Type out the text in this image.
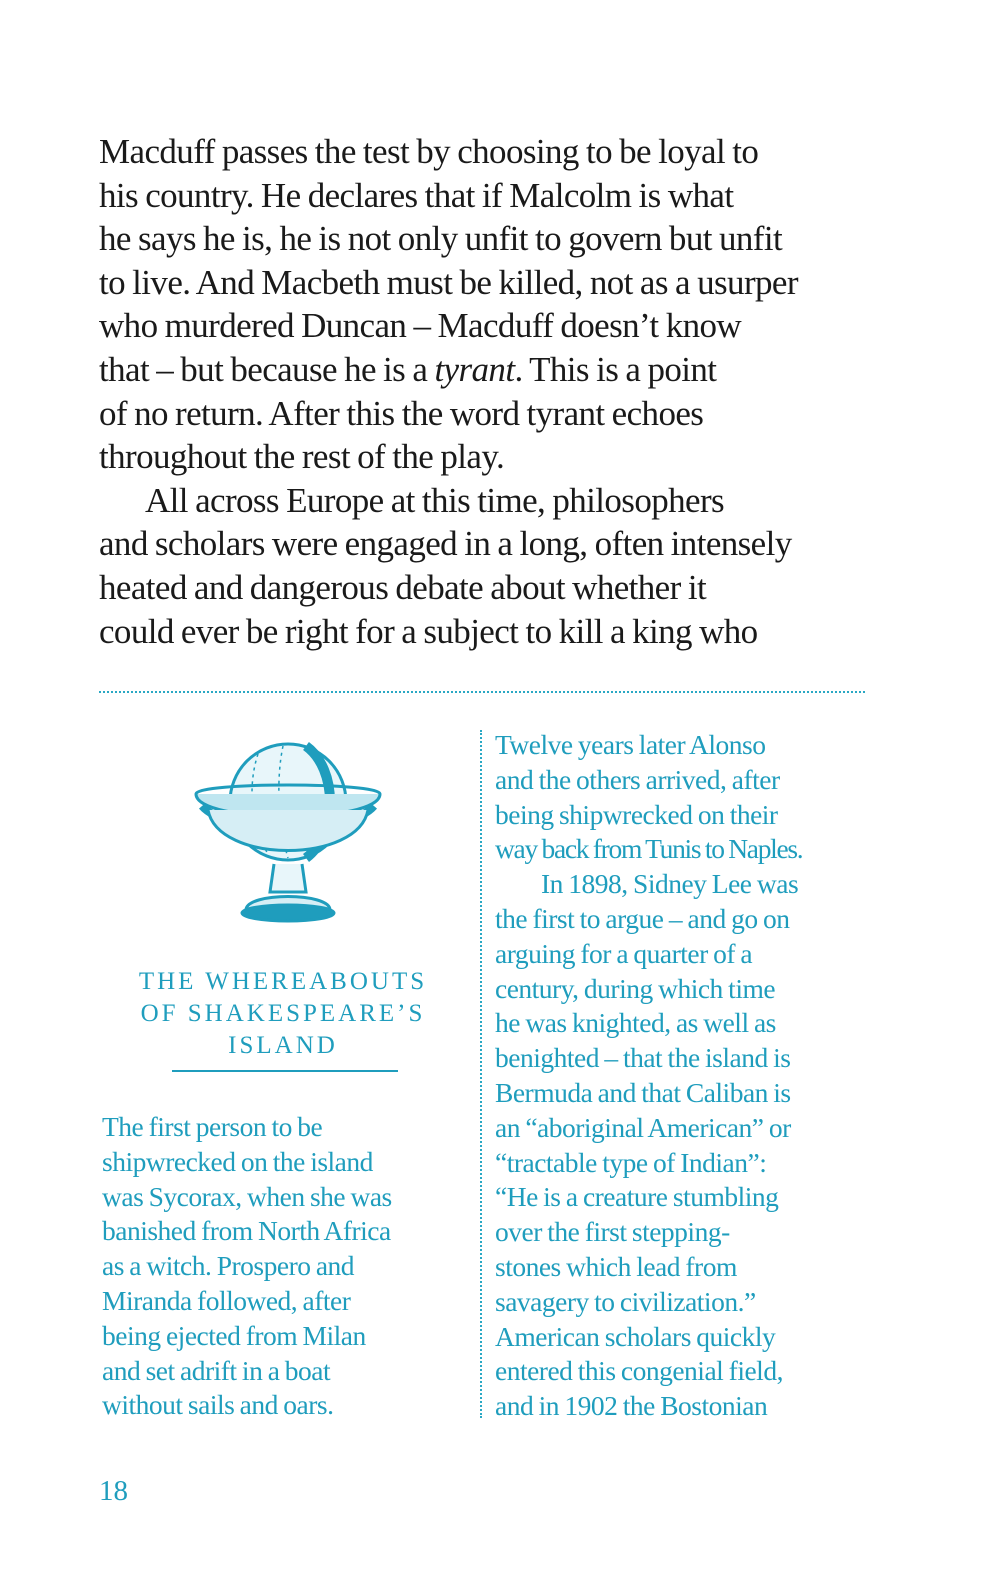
Macduff passes the test by choosing to be loyal to
his country. He declares that if Malcolm is what
he says he is, he is not only unfit to govern but unfit
to live. And Macbeth must be killed, not as a usurper
who murdered Duncan – Macduff doesn’t know
that – but because he is a tyrant. This is a point
of no return. After this the word tyrant echoes
throughout the rest of the play.
All across Europe at this time, philosophers
and scholars were engaged in a long, often intensely
heated and dangerous debate about whether it
could ever be right for a subject to kill a king who
THE WHEREABOUTS
OF SHAKESPEARE’S
ISLAND
The first person to be
shipwrecked on the island
was Sycorax, when she was
banished from North Africa
as a witch. Prospero and
Miranda followed, after
being ejected from Milan
and set adrift in a boat
without sails and oars.
Twelve years later Alonso
and the others arrived, after
being shipwrecked on their
way back from Tunis to Naples.
In 1898, Sidney Lee was
the first to argue – and go on
arguing for a quarter of a
century, during which time
he was knighted, as well as
benighted – that the island is
Bermuda and that Caliban is
an “aboriginal American” or
“tractable type of Indian”:
“He is a creature stumbling
over the first stepping-
stones which lead from
savagery to civilization.”
American scholars quickly
entered this congenial field,
and in 1902 the Bostonian
18
